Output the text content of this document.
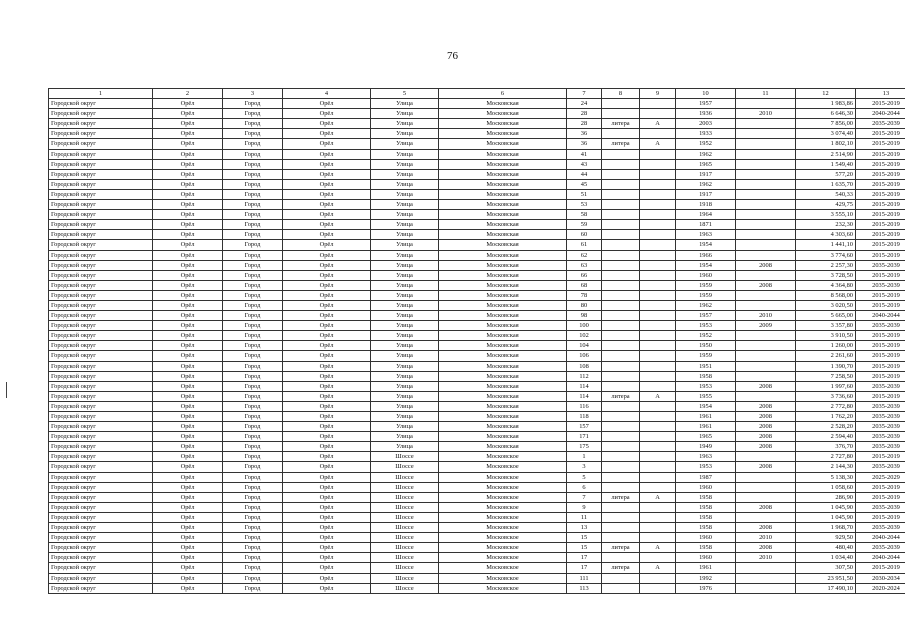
76
1	2	3	4	5	6	7	8	9	10	11	12	13
Городской округ	Орёл	Город	Орёл	Улица	Московская	24			1957		1 983,86	2015-2019
Городской округ	Орёл	Город	Орёл	Улица	Московская	28			1936	2010	6 646,30	2040-2044
Городской округ	Орёл	Город	Орёл	Улица	Московская	28	литера	А	2003		7 856,00	2035-2039
Городской округ	Орёл	Город	Орёл	Улица	Московская	36			1933		3 074,40	2015-2019
Городской округ	Орёл	Город	Орёл	Улица	Московская	36	литера	А	1952		1 802,10	2015-2019
Городской округ	Орёл	Город	Орёл	Улица	Московская	41			1962		2 514,90	2015-2019
Городской округ	Орёл	Город	Орёл	Улица	Московская	43			1965		1 549,40	2015-2019
Городской округ	Орёл	Город	Орёл	Улица	Московская	44			1917		577,20	2015-2019
Городской округ	Орёл	Город	Орёл	Улица	Московская	45			1962		1 635,70	2015-2019
Городской округ	Орёл	Город	Орёл	Улица	Московская	51			1917		540,33	2015-2019
Городской округ	Орёл	Город	Орёл	Улица	Московская	53			1918		429,75	2015-2019
Городской округ	Орёл	Город	Орёл	Улица	Московская	58			1964		3 555,10	2015-2019
Городской округ	Орёл	Город	Орёл	Улица	Московская	59			1871		232,30	2015-2019
Городской округ	Орёл	Город	Орёл	Улица	Московская	60			1963		4 303,60	2015-2019
Городской округ	Орёл	Город	Орёл	Улица	Московская	61			1954		1 441,10	2015-2019
Городской округ	Орёл	Город	Орёл	Улица	Московская	62			1966		3 774,60	2015-2019
Городской округ	Орёл	Город	Орёл	Улица	Московская	63			1954	2008	2 257,30	2035-2039
Городской округ	Орёл	Город	Орёл	Улица	Московская	66			1960		3 728,50	2015-2019
Городской округ	Орёл	Город	Орёл	Улица	Московская	68			1959	2008	4 364,80	2035-2039
Городской округ	Орёл	Город	Орёл	Улица	Московская	78			1959		8 568,00	2015-2019
Городской округ	Орёл	Город	Орёл	Улица	Московская	80			1962		3 020,50	2015-2019
Городской округ	Орёл	Город	Орёл	Улица	Московская	98			1957	2010	5 665,00	2040-2044
Городской округ	Орёл	Город	Орёл	Улица	Московская	100			1953	2009	3 357,80	2035-2039
Городской округ	Орёл	Город	Орёл	Улица	Московская	102			1952		3 910,50	2015-2019
Городской округ	Орёл	Город	Орёл	Улица	Московская	104			1950		1 260,00	2015-2019
Городской округ	Орёл	Город	Орёл	Улица	Московская	106			1959		2 261,60	2015-2019
Городской округ	Орёл	Город	Орёл	Улица	Московская	108			1951		1 390,70	2015-2019
Городской округ	Орёл	Город	Орёл	Улица	Московская	112			1958		7 258,50	2015-2019
Городской округ	Орёл	Город	Орёл	Улица	Московская	114			1953	2008	1 997,60	2035-2039
Городской округ	Орёл	Город	Орёл	Улица	Московская	114	литера	А	1955		3 736,60	2015-2019
Городской округ	Орёл	Город	Орёл	Улица	Московская	116			1954	2008	2 772,80	2035-2039
Городской округ	Орёл	Город	Орёл	Улица	Московская	118			1961	2008	1 762,20	2035-2039
Городской округ	Орёл	Город	Орёл	Улица	Московская	157			1961	2008	2 528,20	2035-2039
Городской округ	Орёл	Город	Орёл	Улица	Московская	171			1965	2008	2 594,40	2035-2039
Городской округ	Орёл	Город	Орёл	Улица	Московская	175			1949	2008	376,70	2035-2039
Городской округ	Орёл	Город	Орёл	Шоссе	Московское	1			1963		2 727,80	2015-2019
Городской округ	Орёл	Город	Орёл	Шоссе	Московское	3			1953	2008	2 144,30	2035-2039
Городской округ	Орёл	Город	Орёл	Шоссе	Московское	5			1987		5 138,30	2025-2029
Городской округ	Орёл	Город	Орёл	Шоссе	Московское	6			1960		1 058,60	2015-2019
Городской округ	Орёл	Город	Орёл	Шоссе	Московское	7	литера	А	1958		286,90	2015-2019
Городской округ	Орёл	Город	Орёл	Шоссе	Московское	9			1958	2008	1 045,90	2035-2039
Городской округ	Орёл	Город	Орёл	Шоссе	Московское	11			1958		1 045,90	2015-2019
Городской округ	Орёл	Город	Орёл	Шоссе	Московское	13			1958	2008	1 968,70	2035-2039
Городской округ	Орёл	Город	Орёл	Шоссе	Московское	15			1960	2010	929,50	2040-2044
Городской округ	Орёл	Город	Орёл	Шоссе	Московское	15	литера	А	1958	2008	480,40	2035-2039
Городской округ	Орёл	Город	Орёл	Шоссе	Московское	17			1960	2010	1 034,40	2040-2044
Городской округ	Орёл	Город	Орёл	Шоссе	Московское	17	литера	А	1961		307,50	2015-2019
Городской округ	Орёл	Город	Орёл	Шоссе	Московское	111			1992		23 951,50	2030-2034
Городской округ	Орёл	Город	Орёл	Шоссе	Московское	113			1976		17 490,10	2020-2024
